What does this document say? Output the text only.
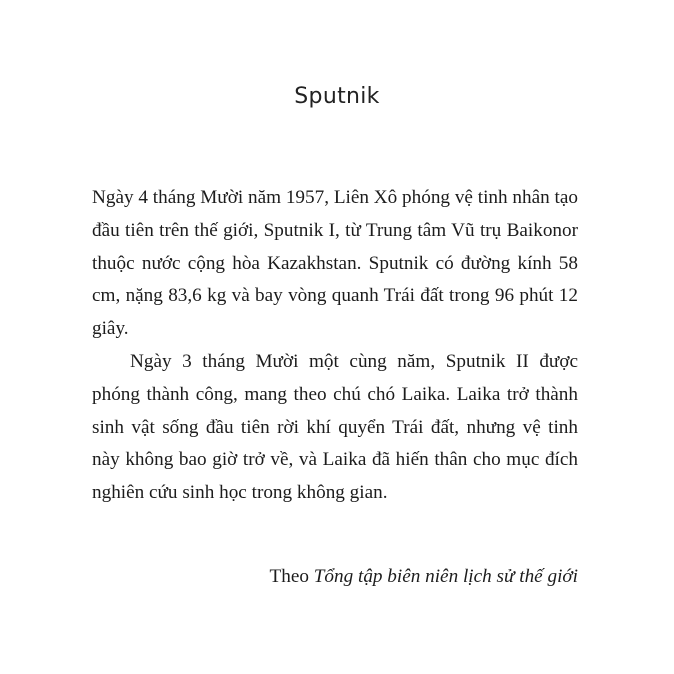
Sputnik

Ngày 4 tháng Mười năm 1957, Liên Xô phóng vệ tinh nhân tạo đầu tiên trên thế giới, Sputnik I, từ Trung tâm Vũ trụ Baikonor thuộc nước cộng hòa Kazakhstan. Sputnik có đường kính 58 cm, nặng 83,6 kg và bay vòng quanh Trái đất trong 96 phút 12 giây.

Ngày 3 tháng Mười một cùng năm, Sputnik II được phóng thành công, mang theo chú chó Laika. Laika trở thành sinh vật sống đầu tiên rời khí quyển Trái đất, nhưng vệ tinh này không bao giờ trở về, và Laika đã hiến thân cho mục đích nghiên cứu sinh học trong không gian.

Theo Tổng tập biên niên lịch sử thế giới
